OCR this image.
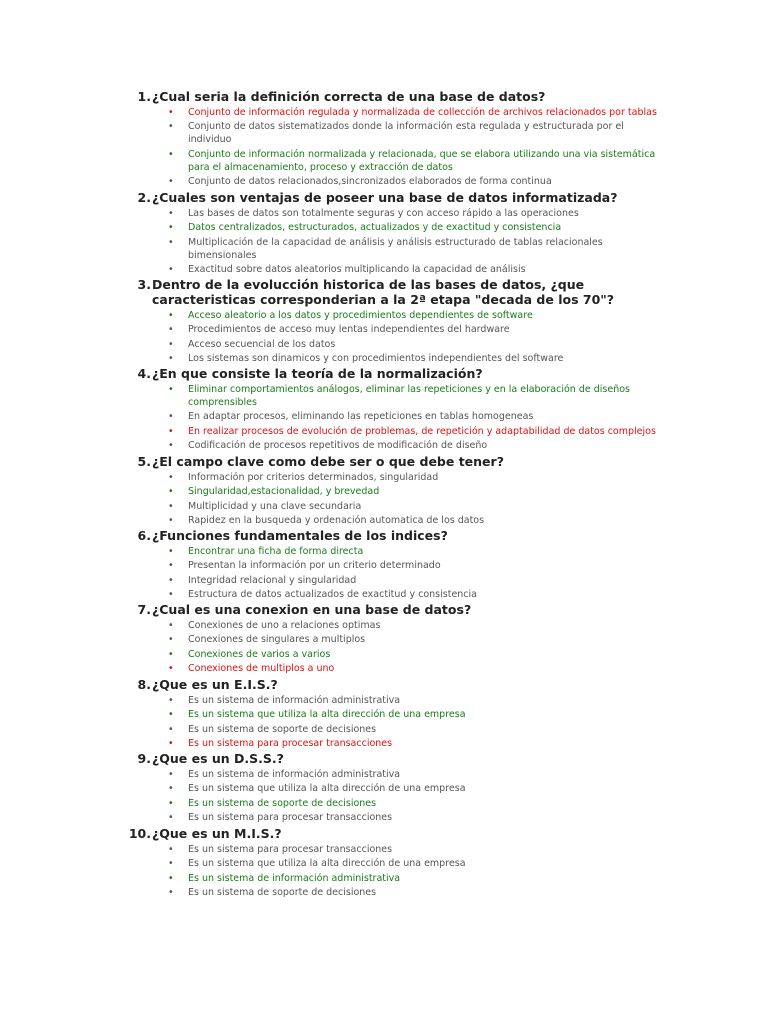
1. ¿Cual seria la definición correcta de una base de datos?

•	Conjunto de información regulada y normalizada de collección de archivos relacionados por tablas
•	Conjunto de datos sistematizados donde la información esta regulada y estructurada por el individuo
•	Conjunto de información normalizada y relacionada, que se elabora utilizando una via sistemática para el almacenamiento, proceso y extracción de datos
•	Conjunto de datos relacionados,sincronizados elaborados de forma continua
2. ¿Cuales son ventajas de poseer una base de datos informatizada?

•	Las bases de datos son totalmente seguras y con acceso rápido a las operaciones
•	Datos centralizados, estructurados, actualizados y de exactitud y consistencia
•	Multiplicación de la capacidad de análisis y análisis estructurado de tablas relacionales bimensionales
•	Exactitud sobre datos aleatorios multiplicando la capacidad de análisis
3. Dentro de la evolucción historica de las bases de datos, ¿que caracteristicas corresponderian a la 2ª etapa "decada de los 70"?

•	Acceso aleatorio a los datos y procedimientos dependientes de software
•	Procedimientos de acceso muy lentas independientes del hardware
•	Acceso secuencial de los datos
•	Los sistemas son dinamicos y con procedimientos independientes del software
4. ¿En que consiste la teoría de la normalización?

•	Eliminar comportamientos análogos, eliminar las repeticiones y en la elaboración de diseños comprensibles
•	En adaptar procesos, eliminando las repeticiones en tablas homogeneas
•	En realizar procesos de evolución de problemas, de repetición y adaptabilidad de datos complejos
•	Codificación de procesos repetitivos de modificación de diseño
5. ¿El campo clave como debe ser o que debe tener?

•	Información por criterios determinados, singularidad
•	Singularidad,estacionalidad, y brevedad
•	Multiplicidad y una clave secundaria
•	Rapidez en la busqueda y ordenación automatica de los datos
6. ¿Funciones fundamentales de los indices?

•	Encontrar una ficha de forma directa
•	Presentan la información por un criterio determinado
•	Integridad relacional y singularidad
•	Estructura de datos actualizados de exactitud y consistencia
7. ¿Cual es una conexion en una base de datos?

•	Conexiones de uno a relaciones optimas
•	Conexiones de singulares a multiplos
•	Conexiones de varios a varios
•	Conexiones de multiplos a uno
8. ¿Que es un E.I.S.?

•	Es un sistema de información administrativa
•	Es un sistema que utiliza la alta dirección de una empresa
•	Es un sistema de soporte de decisiones
•	Es un sistema para procesar transacciones
9. ¿Que es un D.S.S.?

•	Es un sistema de información administrativa
•	Es un sistema que utiliza la alta dirección de una empresa
•	Es un sistema de soporte de decisiones
•	Es un sistema para procesar transacciones
10. ¿Que es un M.I.S.?

•	Es un sistema para procesar transacciones
•	Es un sistema que utiliza la alta dirección de una empresa
•	Es un sistema de información administrativa
•	Es un sistema de soporte de decisiones
